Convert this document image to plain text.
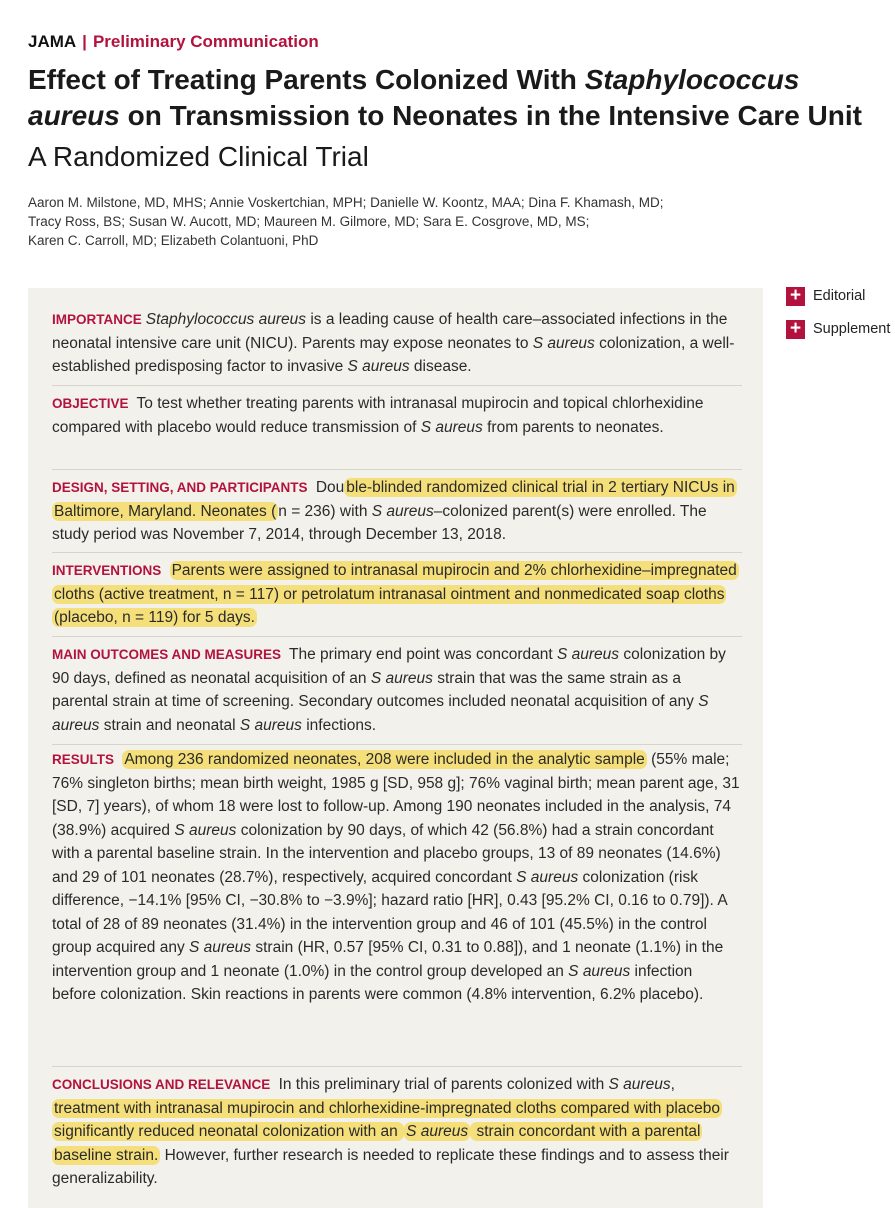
JAMA | Preliminary Communication
Effect of Treating Parents Colonized With Staphylococcus aureus on Transmission to Neonates in the Intensive Care Unit
A Randomized Clinical Trial
Aaron M. Milstone, MD, MHS; Annie Voskertchian, MPH; Danielle W. Koontz, MAA; Dina F. Khamash, MD;
Tracy Ross, BS; Susan W. Aucott, MD; Maureen M. Gilmore, MD; Sara E. Cosgrove, MD, MS;
Karen C. Carroll, MD; Elizabeth Colantuoni, PhD
+ Editorial
+ Supplement

IMPORTANCE Staphylococcus aureus is a leading cause of health care–associated infections in the neonatal intensive care unit (NICU). Parents may expose neonates to S aureus colonization, a well-established predisposing factor to invasive S aureus disease.

OBJECTIVE To test whether treating parents with intranasal mupirocin and topical chlorhexidine compared with placebo would reduce transmission of S aureus from parents to neonates.

DESIGN, SETTING, AND PARTICIPANTS Dou ble-blinded randomized clinical trial in 2 tertiary NICUs in Baltimore, Maryland. Neonates ( n = 236) with S aureus–colonized parent(s) were enrolled. The study period was November 7, 2014, through December 13, 2018.

INTERVENTIONS Parents were assigned to intranasal mupirocin and 2% chlorhexidine–impregnated cloths (active treatment, n = 117) or petrolatum intranasal ointment and nonmedicated soap cloths (placebo, n = 119) for 5 days.

MAIN OUTCOMES AND MEASURES The primary end point was concordant S aureus colonization by 90 days, defined as neonatal acquisition of an S aureus strain that was the same strain as a parental strain at time of screening. Secondary outcomes included neonatal acquisition of any S aureus strain and neonatal S aureus infections.

RESULTS Among 236 randomized neonates, 208 were included in the analytic sample (55% male; 76% singleton births; mean birth weight, 1985 g [SD, 958 g]; 76% vaginal birth; mean parent age, 31 [SD, 7] years), of whom 18 were lost to follow-up. Among 190 neonates included in the analysis, 74 (38.9%) acquired S aureus colonization by 90 days, of which 42 (56.8%) had a strain concordant with a parental baseline strain. In the intervention and placebo groups, 13 of 89 neonates (14.6%) and 29 of 101 neonates (28.7%), respectively, acquired concordant S aureus colonization (risk difference, −14.1% [95% CI, −30.8% to −3.9%]; hazard ratio [HR], 0.43 [95.2% CI, 0.16 to 0.79]). A total of 28 of 89 neonates (31.4%) in the intervention group and 46 of 101 (45.5%) in the control group acquired any S aureus strain (HR, 0.57 [95% CI, 0.31 to 0.88]), and 1 neonate (1.1%) in the intervention group and 1 neonate (1.0%) in the control group developed an S aureus infection before colonization. Skin reactions in parents were common (4.8% intervention, 6.2% placebo).

CONCLUSIONS AND RELEVANCE In this preliminary trial of parents colonized with S aureus, treatment with intranasal mupirocin and chlorhexidine-impregnated cloths compared with placebo significantly reduced neonatal colonization with an S aureus strain concordant with a parental baseline strain. However, further research is needed to replicate these findings and to assess their generalizability.
